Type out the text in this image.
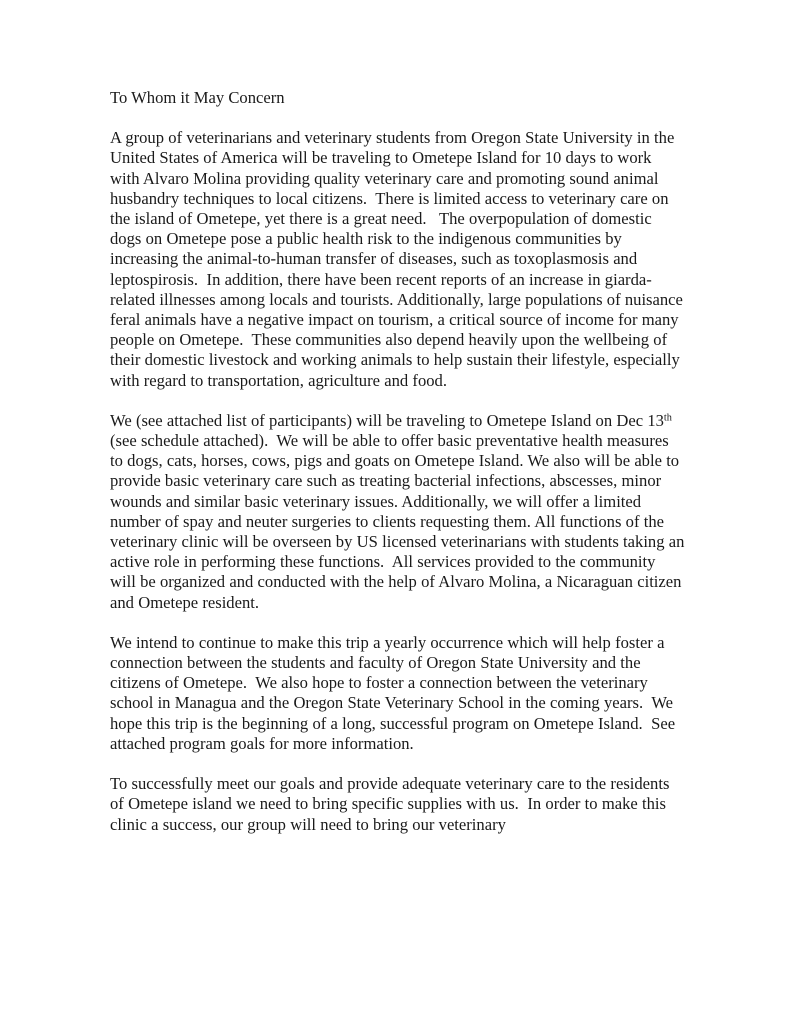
To Whom it May Concern

A group of veterinarians and veterinary students from Oregon State University in the United States of America will be traveling to Ometepe Island for 10 days to work with Alvaro Molina providing quality veterinary care and promoting sound animal husbandry techniques to local citizens.  There is limited access to veterinary care on the island of Ometepe, yet there is a great need.   The overpopulation of domestic dogs on Ometepe pose a public health risk to the indigenous communities by increasing the animal-to-human transfer of diseases, such as toxoplasmosis and leptospirosis.  In addition, there have been recent reports of an increase in giarda-related illnesses among locals and tourists. Additionally, large populations of nuisance feral animals have a negative impact on tourism, a critical source of income for many people on Ometepe.  These communities also depend heavily upon the wellbeing of their domestic livestock and working animals to help sustain their lifestyle, especially with regard to transportation, agriculture and food.

We (see attached list of participants) will be traveling to Ometepe Island on Dec 13th (see schedule attached).  We will be able to offer basic preventative health measures to dogs, cats, horses, cows, pigs and goats on Ometepe Island. We also will be able to provide basic veterinary care such as treating bacterial infections, abscesses, minor wounds and similar basic veterinary issues. Additionally, we will offer a limited number of spay and neuter surgeries to clients requesting them. All functions of the veterinary clinic will be overseen by US licensed veterinarians with students taking an active role in performing these functions.  All services provided to the community will be organized and conducted with the help of Alvaro Molina, a Nicaraguan citizen and Ometepe resident.

We intend to continue to make this trip a yearly occurrence which will help foster a connection between the students and faculty of Oregon State University and the citizens of Ometepe.  We also hope to foster a connection between the veterinary school in Managua and the Oregon State Veterinary School in the coming years.  We hope this trip is the beginning of a long, successful program on Ometepe Island.  See attached program goals for more information.

To successfully meet our goals and provide adequate veterinary care to the residents of Ometepe island we need to bring specific supplies with us.  In order to make this clinic a success, our group will need to bring our veterinary
